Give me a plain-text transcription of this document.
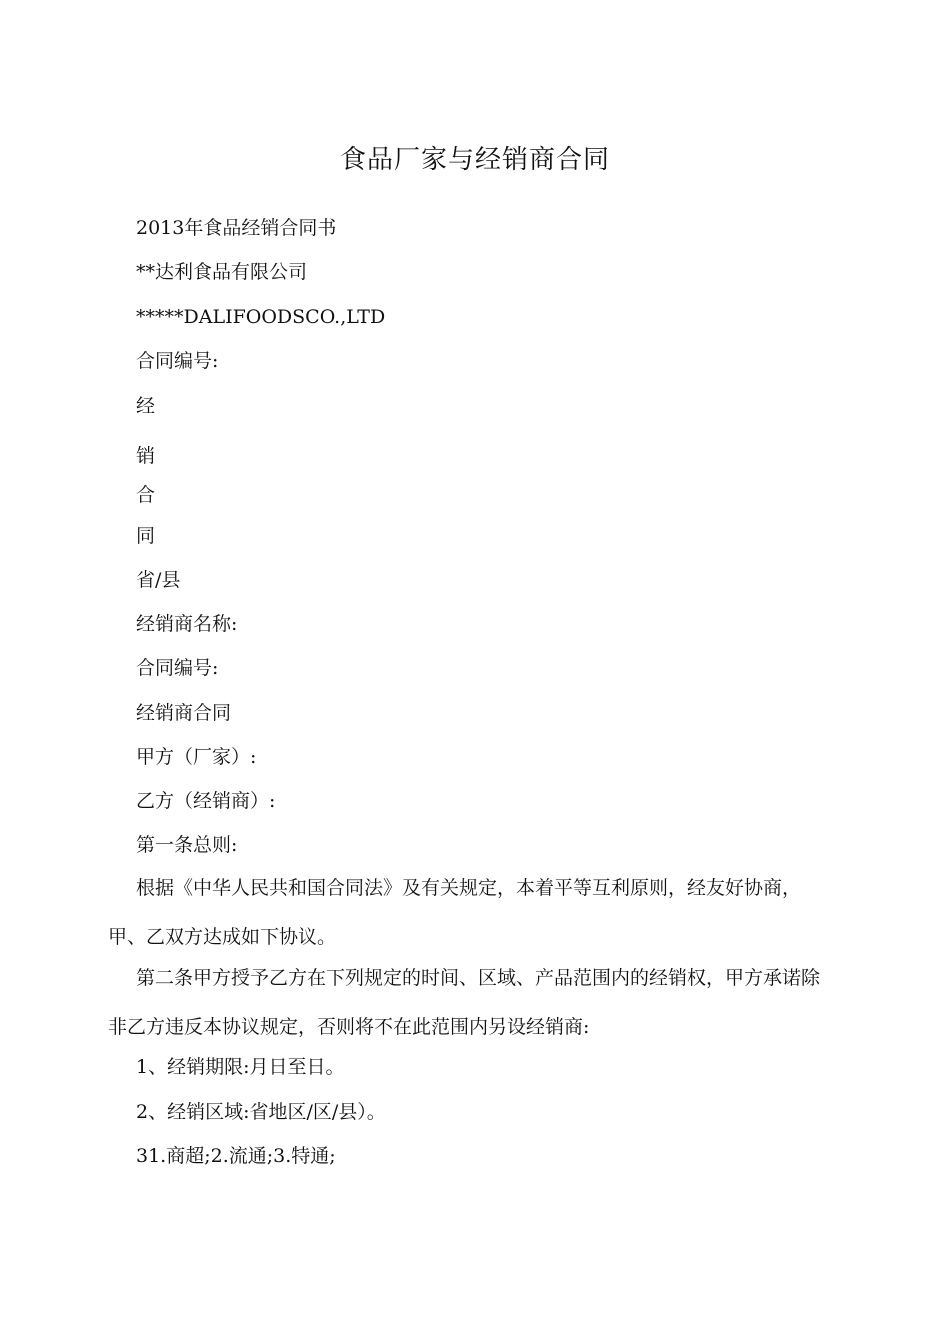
食品厂家与经销商合同
2013年食品经销合同书
**达利食品有限公司
*****DALIFOODSCO.,LTD
合同编号:
经
销
合
同
省/县
经销商名称:
合同编号:
经销商合同
甲方（厂家）:
乙方（经销商）:
第一条总则:
根据《中华人民共和国合同法》及有关规定，本着平等互利原则，经友好协商，甲、乙双方达成如下协议。
第二条甲方授予乙方在下列规定的时间、区域、产品范围内的经销权，甲方承诺除非乙方违反本协议规定，否则将不在此范围内另设经销商:
1、经销期限:月日至日。
2、经销区域:省地区/区/县）。
31.商超;2.流通;3.特通;
